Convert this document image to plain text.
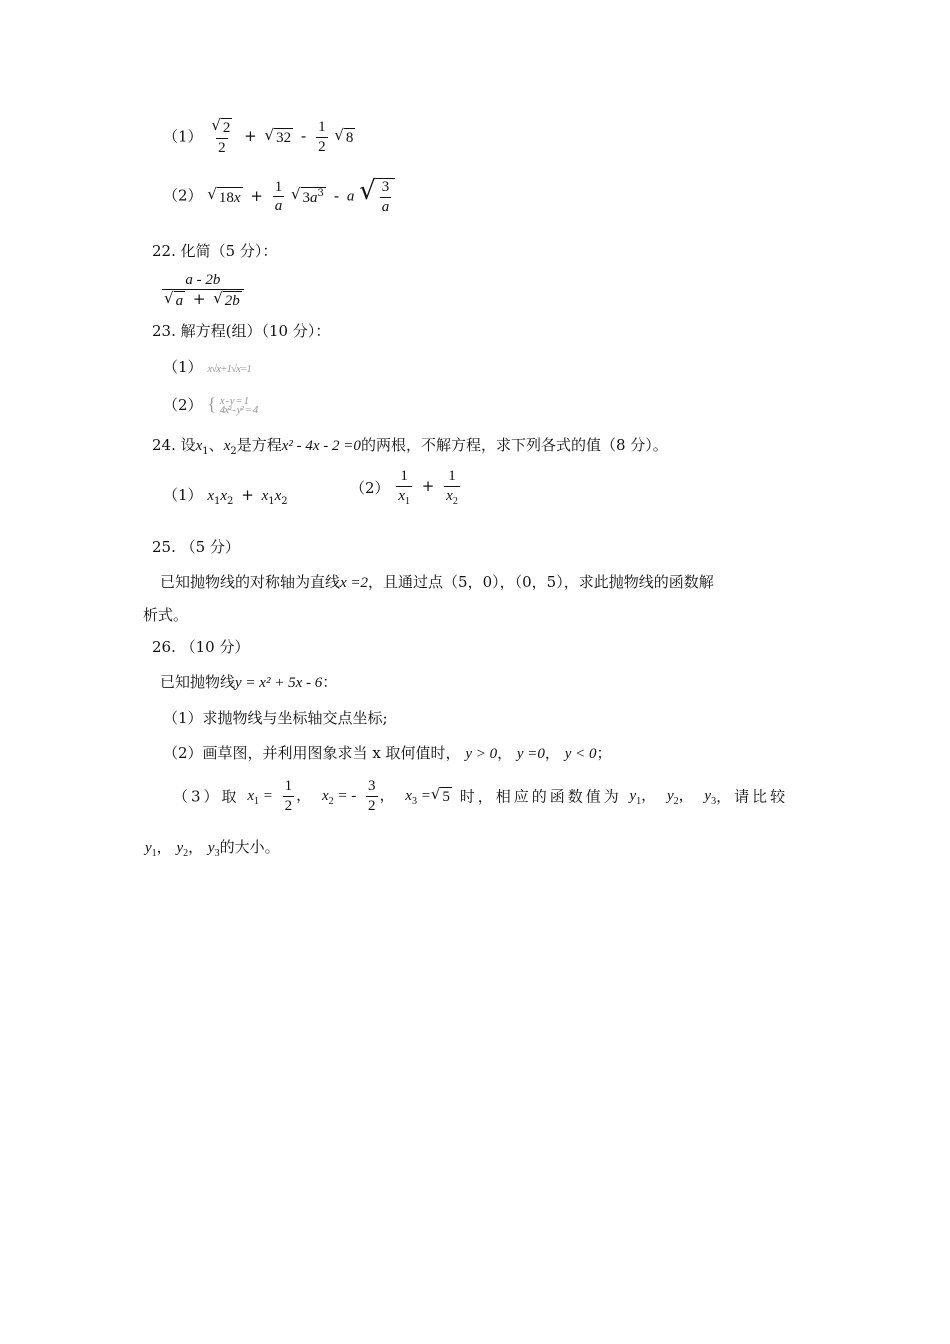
$(1) \frac{√ 2}{2}$ + √ $32 - \frac{1}{2}$
√ 8
（2） √ $18x + \frac{1}{a}$
√ $3a^3$ - a √ $\frac{3}{a}$
22. 化简（5 分）：
$\frac{a - 2b}{√ a + √ 2b}$
23. 解方程(组）（10 分）：
（1） x√x+1√x=1
（2） { x - y = 1
4x² - y² = 4
24. 设$x_1$、$x_2$是方程x² - 4x - 2 =0的两根，不解方程，求下列各式的值（8 分）。
（1） $x_1x_2 + x_1x_2$
$(2) \frac{1}{x_1} + \frac{1}{x_2}$
25. （5 分）
已知抛物线的对称轴为直线x =2，且通过点（5，0），（0，5），求此抛物线的函数解
析式。
26. （10 分）
已知抛物线y = x² + 5x - 6：
（1）求抛物线与坐标轴交点坐标;
（2）画草图，并利用图象求当 x 取何值时， y > 0， y =0， y < 0；
（3）取 $x_1 = \frac{1}{2}$ ， $x_2$ = - $\frac{3}{2}$ ， $x_3$ = √ 5 时，相应的函数值为 $y_1$， $y_2$， $y_3$，请比较
$y_1$， $y_2$， $y_3$的大小。
